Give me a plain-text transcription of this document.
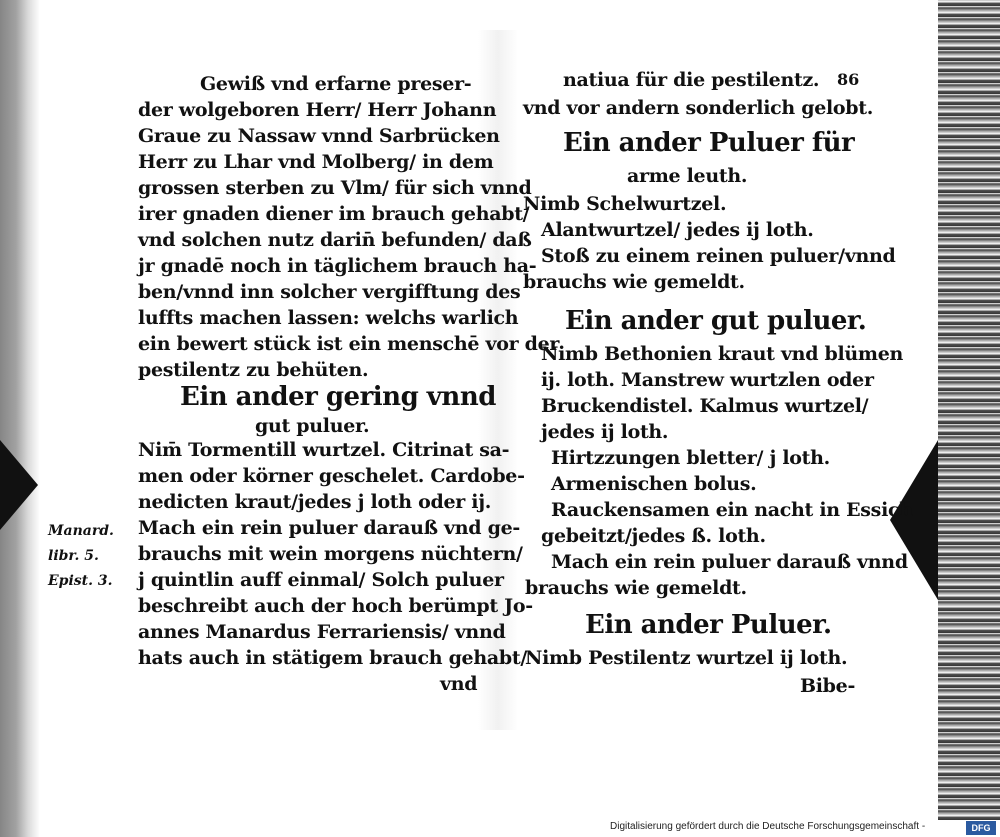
Gewiß vnd erfarne preser-
der wolgeboren Herr/ Herr Johann
Graue zu Nassaw vnnd Sarbrücken
Herr zu Lhar vnd Molberg/ in dem
grossen sterben zu Vlm/ für sich vnnd
irer gnaden diener im brauch gehabt/
vnd solchen nutz darin̄ befunden/ daß
jr gnadē noch in täglichem brauch ha-
ben/vnnd inn solcher vergifftung des
luffts machen lassen: welchs warlich
ein bewert stück ist ein menschē vor der
pestilentz zu behüten.
Ein ander gering vnnd
gut puluer.
Nim̄ Tormentill wurtzel. Citrinat sa-
men oder körner geschelet. Cardobe-
nedicten kraut/jedes j loth oder ij.
Mach ein rein puluer darauß vnd ge-
brauchs mit wein morgens nüchtern/
j quintlin auff einmal/ Solch puluer
beschreibt auch der hoch berümpt Jo-
annes Manardus Ferrariensis/ vnnd
hats auch in stätigem brauch gehabt/
vnd
Manard.
libr. 5.
Epist. 3.
natiua für die pestilentz. 86
vnd vor andern sonderlich gelobt.
Ein ander Puluer für
arme leuth.
Nimb Schelwurtzel.
Alantwurtzel/ jedes ij loth.
Stoß zu einem reinen puluer/vnnd
brauchs wie gemeldt.
Ein ander gut puluer.
Nimb Bethonien kraut vnd blümen
ij. loth. Manstrew wurtzlen oder
Bruckendistel. Kalmus wurtzel/
jedes ij loth.
Hirtzzungen bletter/ j loth.
Armenischen bolus.
Rauckensamen ein nacht in Essich
gebeitzt/jedes ß. loth.
Mach ein rein puluer darauß vnnd
brauchs wie gemeldt.
Ein ander Puluer.
Nimb Pestilentz wurtzel ij loth.
Bibe-
Digitalisierung gefördert durch die Deutsche Forschungsgemeinschaft -	DFG
